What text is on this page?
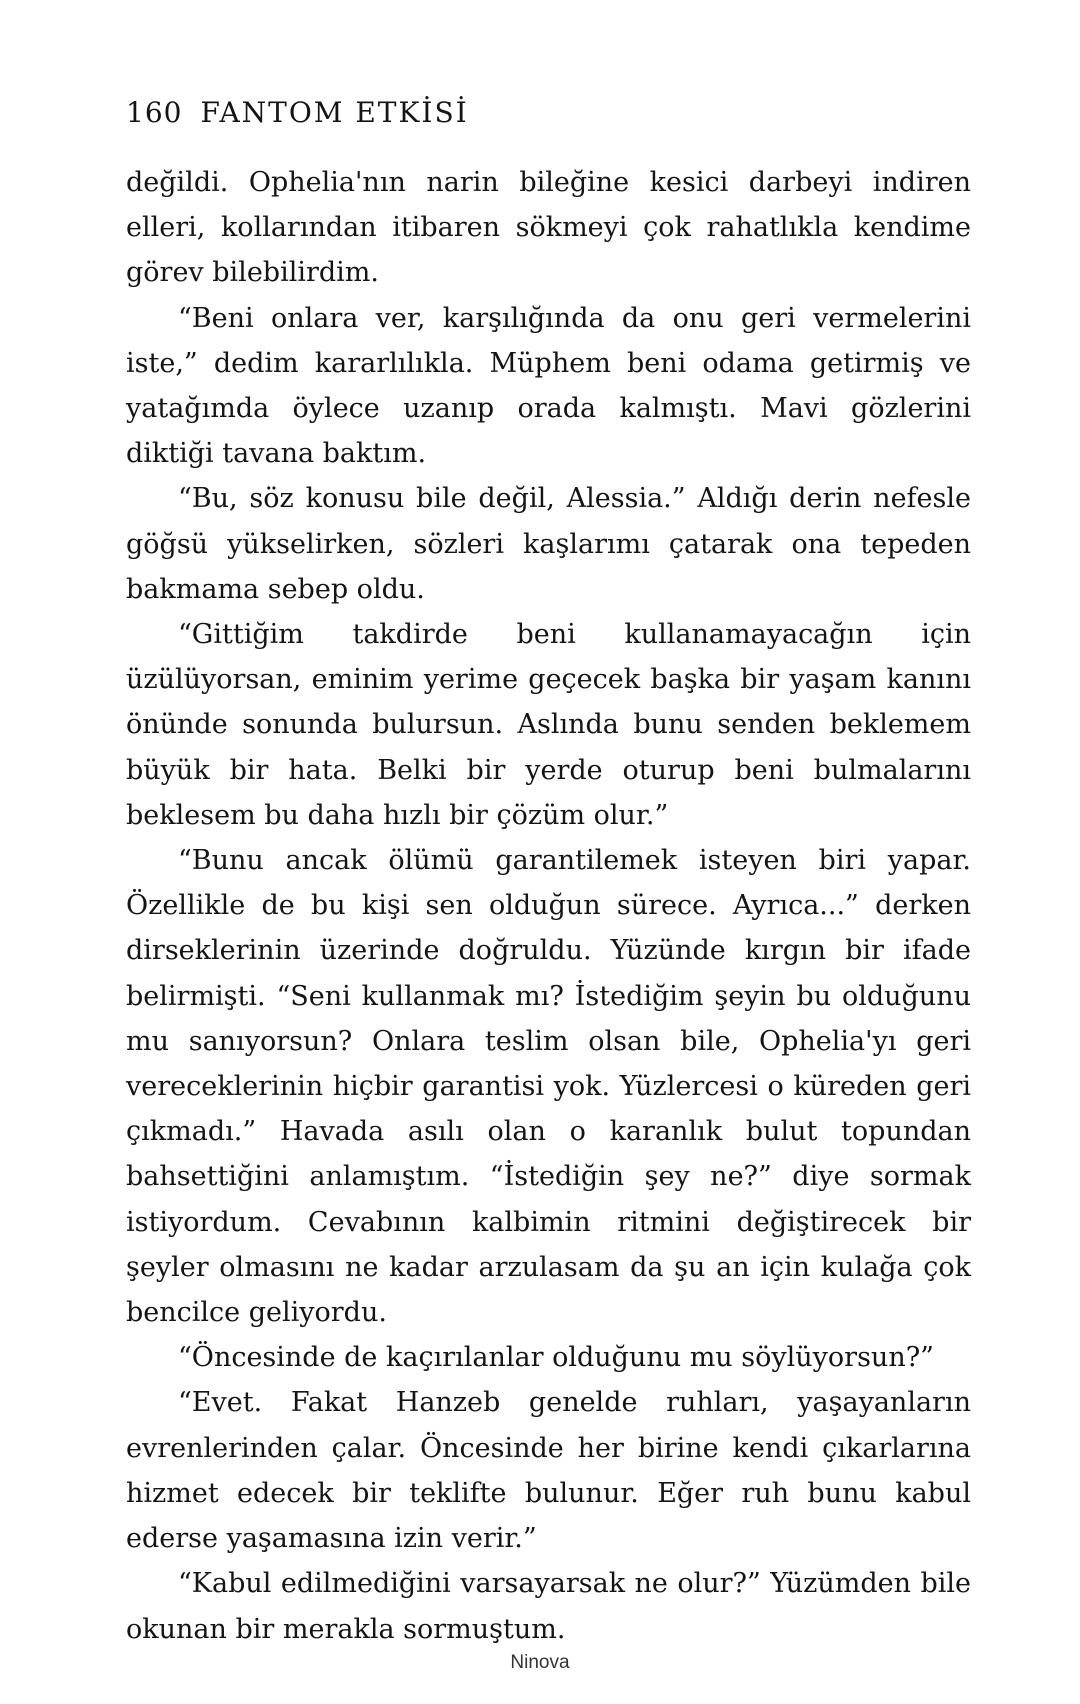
160 FANTOM ETKİSİ

değildi. Ophelia'nın narin bileğine kesici darbeyi indiren elleri, kollarından itibaren sökmeyi çok rahatlıkla kendime görev bilebilirdim.

“Beni onlara ver, karşılığında da onu geri vermelerini iste,” dedim kararlılıkla. Müphem beni odama getirmiş ve yatağımda öylece uzanıp orada kalmıştı. Mavi gözlerini diktiği tavana baktım.

“Bu, söz konusu bile değil, Alessia.” Aldığı derin nefesle göğsü yükselirken, sözleri kaşlarımı çatarak ona tepeden bakmama sebep oldu.

“Gittiğim takdirde beni kullanamayacağın için üzülüyorsan, eminim yerime geçecek başka bir yaşam kanını önünde sonunda bulursun. Aslında bunu senden beklemem büyük bir hata. Belki bir yerde oturup beni bulmalarını beklesem bu daha hızlı bir çözüm olur.”

“Bunu ancak ölümü garantilemek isteyen biri yapar. Özellikle de bu kişi sen olduğun sürece. Ayrıca...” derken dirseklerinin üzerinde doğruldu. Yüzünde kırgın bir ifade belirmişti. “Seni kullanmak mı? İstediğim şeyin bu olduğunu mu sanıyorsun? Onlara teslim olsan bile, Ophelia'yı geri vereceklerinin hiçbir garantisi yok. Yüzlercesi o küreden geri çıkmadı.” Havada asılı olan o karanlık bulut topundan bahsettiğini anlamıştım. “İstediğin şey ne?” diye sormak istiyordum. Cevabının kalbimin ritmini değiştirecek bir şeyler olmasını ne kadar arzulasam da şu an için kulağa çok bencilce geliyordu.

“Öncesinde de kaçırılanlar olduğunu mu söylüyorsun?”

“Evet. Fakat Hanzeb genelde ruhları, yaşayanların evrenlerinden çalar. Öncesinde her birine kendi çıkarlarına hizmet edecek bir teklifte bulunur. Eğer ruh bunu kabul ederse yaşamasına izin verir.”

“Kabul edilmediğini varsayarsak ne olur?” Yüzümden bile okunan bir merakla sormuştum.

Ninova
